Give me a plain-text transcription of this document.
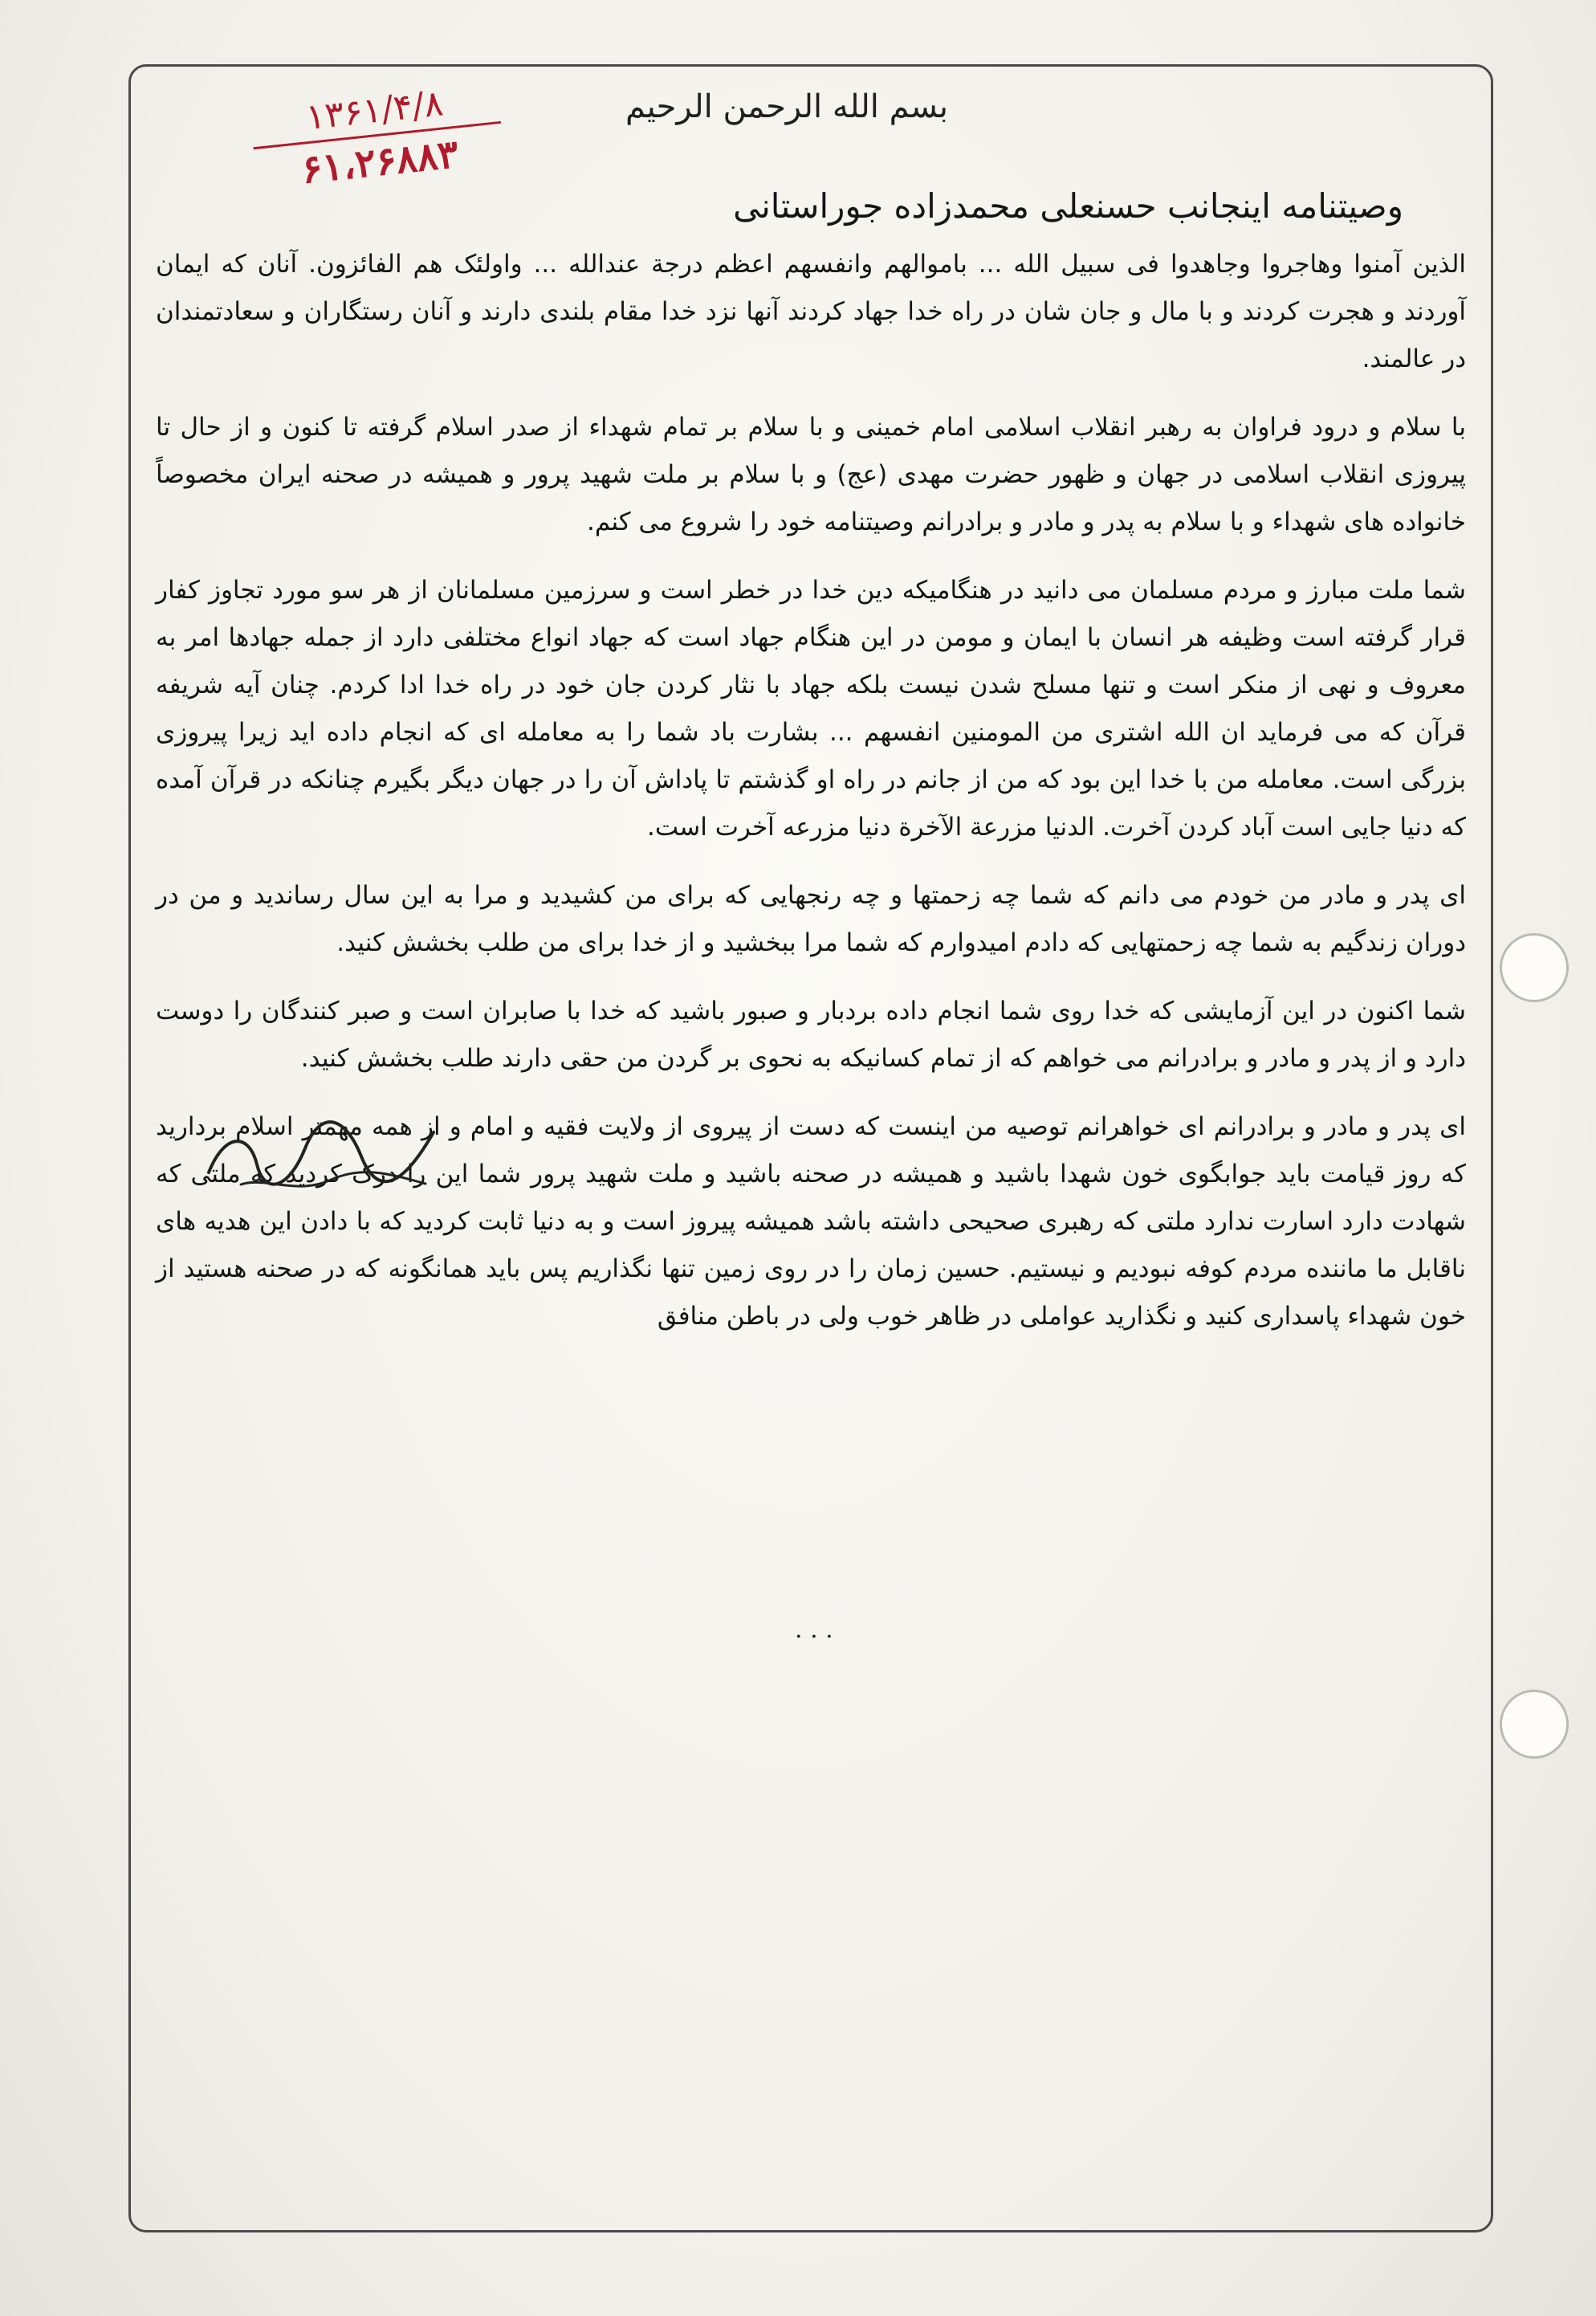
بسم الله الرحمن الرحیم
۱۳۶۱/۴/۸
۶۱،۲۶۸۸۳
وصیتنامه اینجانب حسنعلی محمدزاده جوراستانی

الذین آمنوا وهاجروا وجاهدوا فی سبیل الله ... باموالهم وانفسهم اعظم درجة عندالله ... واولئک هم الفائزون. آنان که ایمان آوردند و هجرت کردند و با مال و جان شان در راه خدا جهاد کردند آنها نزد خدا مقام بلندی دارند و آنان رستگاران و سعادتمندان در عالمند.

با سلام و درود فراوان به رهبر انقلاب اسلامی امام خمینی و با سلام بر تمام شهداء از صدر اسلام گرفته تا کنون و از حال تا پیروزی انقلاب اسلامی در جهان و ظهور حضرت مهدی (عج) و با سلام بر ملت شهید پرور و همیشه در صحنه ایران مخصوصاً خانواده های شهداء و با سلام به پدر و مادر و برادرانم وصیتنامه خود را شروع می کنم.

شما ملت مبارز و مردم مسلمان می دانید در هنگامیکه دین خدا در خطر است و سرزمین مسلمانان از هر سو مورد تجاوز کفار قرار گرفته است وظیفه هر انسان با ایمان و مومن در این هنگام جهاد است که جهاد انواع مختلفی دارد از جمله جهادها امر به معروف و نهی از منکر است و تنها مسلح شدن نیست بلکه جهاد با نثار کردن جان خود در راه خدا ادا کردم. چنان آیه شریفه قرآن که می فرماید ان الله اشتری من المومنین انفسهم ... بشارت باد شما را به معامله ای که انجام داده اید زیرا پیروزی بزرگی است. معامله من با خدا این بود که من از جانم در راه او گذشتم تا پاداش آن را در جهان دیگر بگیرم چنانکه در قرآن آمده که دنیا جایی است آباد کردن آخرت. الدنیا مزرعة الآخرة دنیا مزرعه آخرت است.

ای پدر و مادر من خودم می دانم که شما چه زحمتها و چه رنجهایی که برای من کشیدید و مرا به این سال رساندید و من در دوران زندگیم به شما چه زحمتهایی که دادم امیدوارم که شما مرا ببخشید و از خدا برای من طلب بخشش کنید.

شما اکنون در این آزمایشی که خدا روی شما انجام داده بردبار و صبور باشید که خدا با صابران است و صبر کنندگان را دوست دارد و از پدر و مادر و برادرانم می خواهم که از تمام کسانیکه به نحوی بر گردن من حقی دارند طلب بخشش کنید.

ای پدر و مادر و برادرانم ای خواهرانم توصیه من اینست که دست از پیروی از ولایت فقیه و امام و از همه مهمتر اسلام بردارید که روز قیامت باید جوابگوی خون شهدا باشید و همیشه در صحنه باشید و ملت شهید پرور شما این را درک کردید که ملتی که شهادت دارد اسارت ندارد ملتی که رهبری صحیحی داشته باشد همیشه پیروز است و به دنیا ثابت کردید که با دادن این هدیه های ناقابل ما ماننده مردم کوفه نبودیم و نیستیم. حسین زمان را در روی زمین تنها نگذاریم پس باید همانگونه که در صحنه هستید از خون شهداء پاسداری کنید و نگذارید عواملی در ظاهر خوب ولی در باطن منافق

. . .
